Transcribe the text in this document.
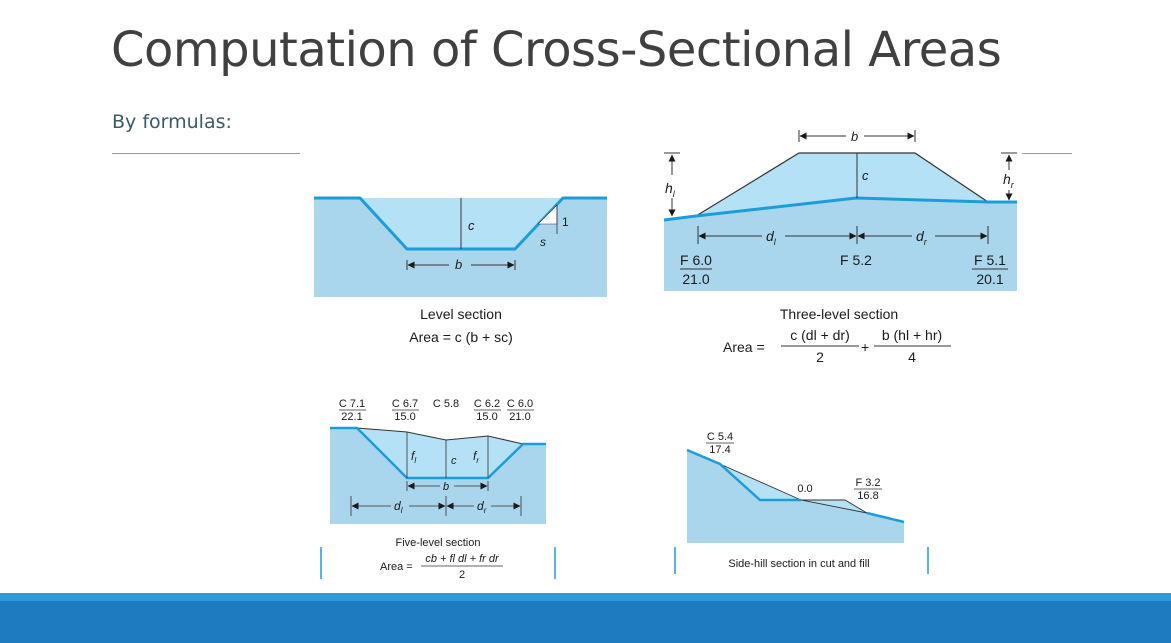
Computation of Cross-Sectional Areas
By formulas:
c	1
s
b
Level section
Area = c (b + sc)
c
b
$h_l$
$h_r$
$d_l$	$d_r$
F 6.0
21.0
F 5.2	F 5.1
20.1
Three-level section
Area =
c (dl + dr)
2
+
b (hl + hr)
4
C 7.1
22.1
C 6.7
15.0
C 5.8 C 6.2
15.0
C 6.0
21.0
$f_l$	c $f_r$
b
$d_l$	$d_r$
Five-level section
Area =
cb + fl dl + fr dr
2
C 5.4
17.4
0.0	F 3.2
16.8
Side-hill section in cut and fill
